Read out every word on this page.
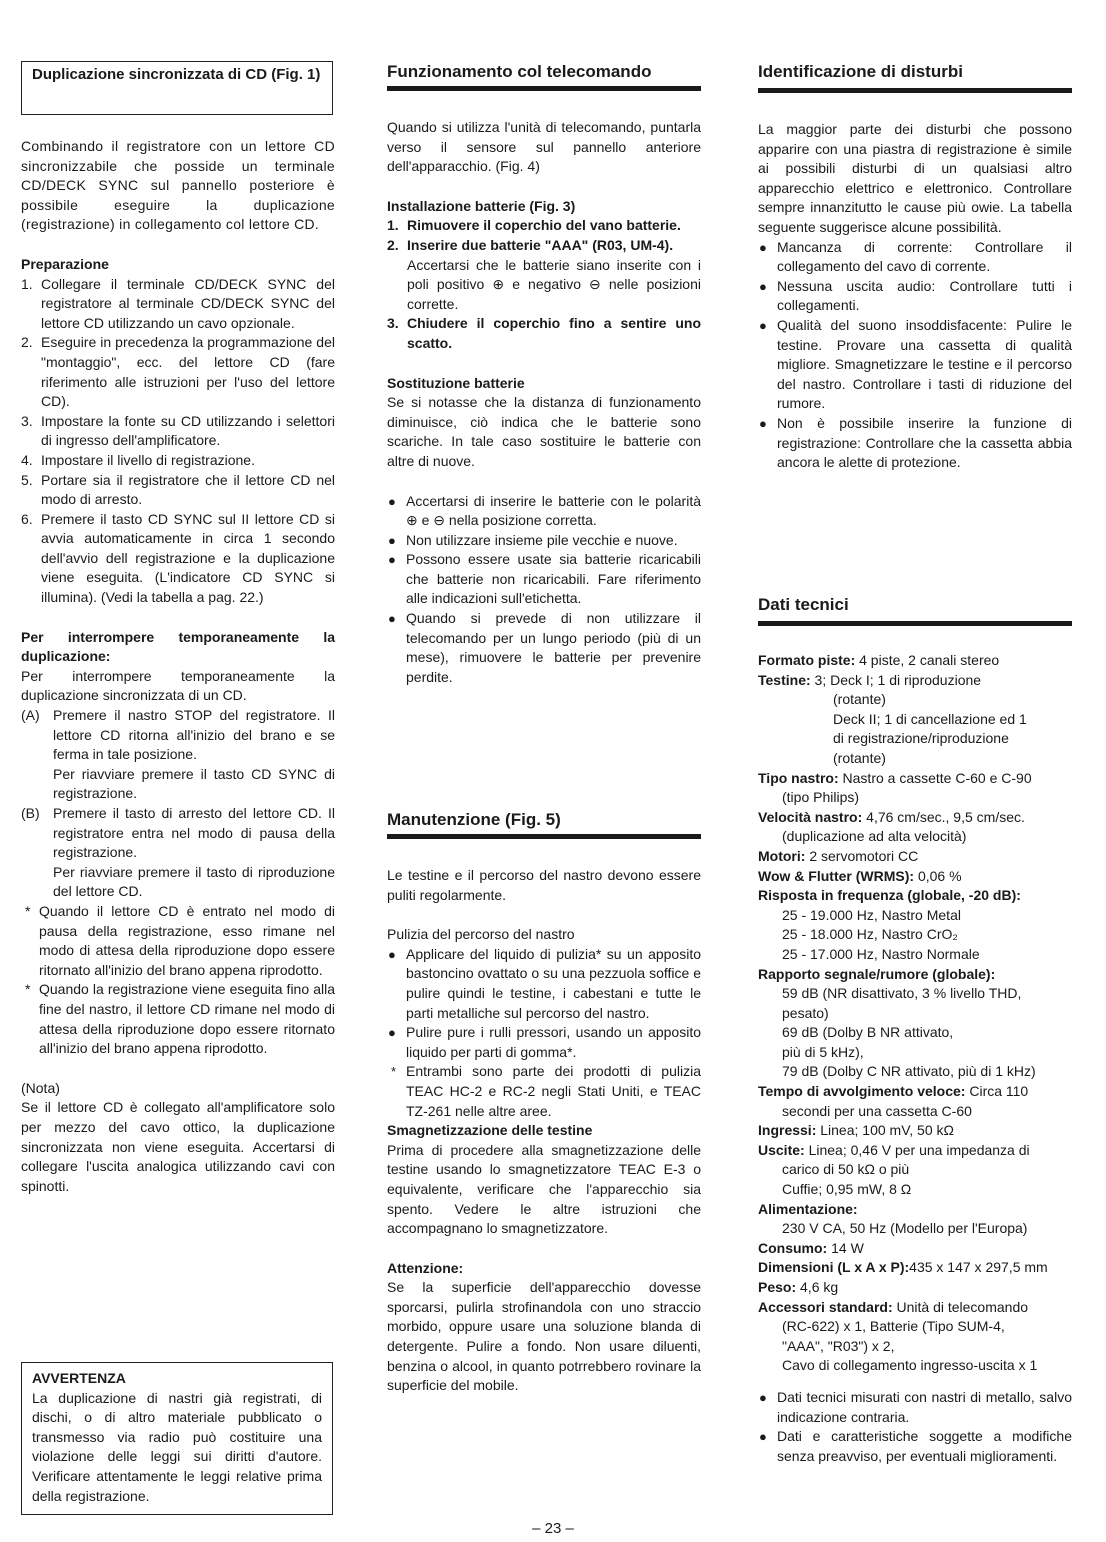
Duplicazione sincronizzata di CD (Fig. 1)

Combinando il registratore con un lettore CD sincronizzabile che posside un terminale CD/DECK SYNC sul pannello posteriore è possibile eseguire la duplicazione (registrazione) in collegamento col lettore CD.

Preparazione

1. Collegare il terminale CD/DECK SYNC del registratore al terminale CD/DECK SYNC del lettore CD utilizzando un cavo opzionale.
2. Eseguire in precedenza la programmazione del "montaggio", ecc. del lettore CD (fare riferimento alle istruzioni per l'uso del lettore CD).
3. Impostare la fonte su CD utilizzando i selettori di ingresso dell'amplificatore.
4. Impostare il livello di registrazione.
5. Portare sia il registratore che il lettore CD nel modo di arresto.
6. Premere il tasto CD SYNC sul II lettore CD si avvia automaticamente in circa 1 secondo dell'avvio dell registrazione e la duplicazione viene eseguita. (L'indicatore CD SYNC si illumina). (Vedi la tabella a pag. 22.)

Per interrompere temporaneamente la duplicazione:

Per interrompere temporaneamente la duplicazione sincronizzata di un CD.

(A) Premere il nastro STOP del registratore. Il lettore CD ritorna all'inizio del brano e se ferma in tale posizione.

Per riavviare premere il tasto CD SYNC di registrazione.

(B) Premere il tasto di arresto del lettore CD. Il registratore entra nel modo di pausa della registrazione.

Per riavviare premere il tasto di riproduzione del lettore CD.

* Quando il lettore CD è entrato nel modo di pausa della registrazione, esso rimane nel modo di attesa della riproduzione dopo essere ritornato all'inizio del brano appena riprodotto.
* Quando la registrazione viene eseguita fino alla fine del nastro, il lettore CD rimane nel modo di attesa della riproduzione dopo essere ritornato all'inizio del brano appena riprodotto.

(Nota)

Se il lettore CD è collegato all'amplificatore solo per mezzo del cavo ottico, la duplicazione sincronizzata non viene eseguita. Accertarsi di collegare l'uscita analogica utilizzando cavi con spinotti.

AVVERTENZA

La duplicazione di nastri già registrati, di dischi, o di altro materiale pubblicato o transmesso via radio può costituire una violazione delle leggi sui diritti d'autore. Verificare attentamente le leggi relative prima della registrazione.

Funzionamento col telecomando

Quando si utilizza l'unità di telecomando, puntarla verso il sensore sul pannello anteriore dell'apparacchio. (Fig. 4)

Installazione batterie (Fig. 3)

1. Rimuovere il coperchio del vano batterie.
2. Inserire due batterie "AAA" (R03, UM-4).
Accertarsi che le batterie siano inserite con i poli positivo ⊕ e negativo ⊖ nelle posizioni corrette.
3. Chiudere il coperchio fino a sentire uno scatto.

Sostituzione batterie

Se si notasse che la distanza di funzionamento diminuisce, ciò indica che le batterie sono scariche. In tale caso sostituire le batterie con altre di nuove.

● Accertarsi di inserire le batterie con le polarità ⊕ e ⊖ nella posizione corretta.
● Non utilizzare insieme pile vecchie e nuove.
● Possono essere usate sia batterie ricaricabili che batterie non ricaricabili. Fare riferimento alle indicazioni sull'etichetta.
● Quando si prevede di non utilizzare il telecomando per un lungo periodo (più di un mese), rimuovere le batterie per prevenire perdite.
Manutenzione (Fig. 5)

Le testine e il percorso del nastro devono essere puliti regolarmente.

Pulizia del percorso del nastro

● Applicare del liquido di pulizia* su un apposito bastoncino ovattato o su una pezzuola soffice e pulire quindi le testine, i cabestani e tutte le parti metalliche sul percorso del nastro.
● Pulire pure i rulli pressori, usando un apposito liquido per parti di gomma*.
* Entrambi sono parte dei prodotti di pulizia TEAC HC-2 e RC-2 negli Stati Uniti, e TEAC TZ-261 nelle altre aree.

Smagnetizzazione delle testine

Prima di procedere alla smagnetizzazione delle testine usando lo smagnetizzatore TEAC E-3 o equivalente, verificare che l'apparecchio sia spento. Vedere le altre istruzioni che accompagnano lo smagnetizzatore.

Attenzione:

Se la superficie dell'apparecchio dovesse sporcarsi, pulirla strofinandola con uno straccio morbido, oppure usare una soluzione blanda di detergente. Pulire a fondo. Non usare diluenti, benzina o alcool, in quanto potrrebbero rovinare la superficie del mobile.

Identificazione di disturbi

La maggior parte dei disturbi che possono apparire con una piastra di registrazione è simile ai possibili disturbi di un qualsiasi altro apparecchio elettrico e elettronico. Controllare sempre innanzitutto le cause più owie. La tabella seguente suggerisce alcune possibilità.

● Mancanza di corrente: Controllare il collegamento del cavo di corrente.
● Nessuna uscita audio: Controllare tutti i collegamenti.
● Qualità del suono insoddisfacente: Pulire le testine. Provare una cassetta di qualità migliore. Smagnetizzare le testine e il percorso del nastro. Controllare i tasti di riduzione del rumore.
● Non è possibile inserire la funzione di registrazione: Controllare che la cassetta abbia ancora le alette di protezione.
Dati tecnici

Formato piste: 4 piste, 2 canali stereo

Testine: 3; Deck I; 1 di riproduzione

(rotante)

Deck II; 1 di cancellazione ed 1

di registrazione/riproduzione

(rotante)

Tipo nastro: Nastro a cassette C-60 e C-90

(tipo Philips)

Velocità nastro: 4,76 cm/sec., 9,5 cm/sec.

(duplicazione ad alta velocità)

Motori: 2 servomotori CC

Wow & Flutter (WRMS): 0,06 %

Risposta in frequenza (globale, -20 dB):

25 - 19.000 Hz, Nastro Metal

25 - 18.000 Hz, Nastro CrO₂

25 - 17.000 Hz, Nastro Normale

Rapporto segnale/rumore (globale):

59 dB (NR disattivato, 3 % livello THD,

pesato)

69 dB (Dolby B NR attivato,

più di 5 kHz),

79 dB (Dolby C NR attivato, più di 1 kHz)

Tempo di avvolgimento veloce: Circa 110

secondi per una cassetta C-60

Ingressi: Linea; 100 mV, 50 kΩ

Uscite: Linea; 0,46 V per una impedanza di

carico di 50 kΩ o più

Cuffie; 0,95 mW, 8 Ω

Alimentazione:

230 V CA, 50 Hz (Modello per l'Europa)

Consumo: 14 W

Dimensioni (L x A x P):435 x 147 x 297,5 mm

Peso: 4,6 kg

Accessori standard: Unità di telecomando

(RC-622) x 1, Batterie (Tipo SUM-4,

"AAA", "R03") x 2,

Cavo di collegamento ingresso-uscita x 1

● Dati tecnici misurati con nastri di metallo, salvo indicazione contraria.
● Dati e caratteristiche soggette a modifiche senza preavviso, per eventuali miglioramenti.
– 23 –
